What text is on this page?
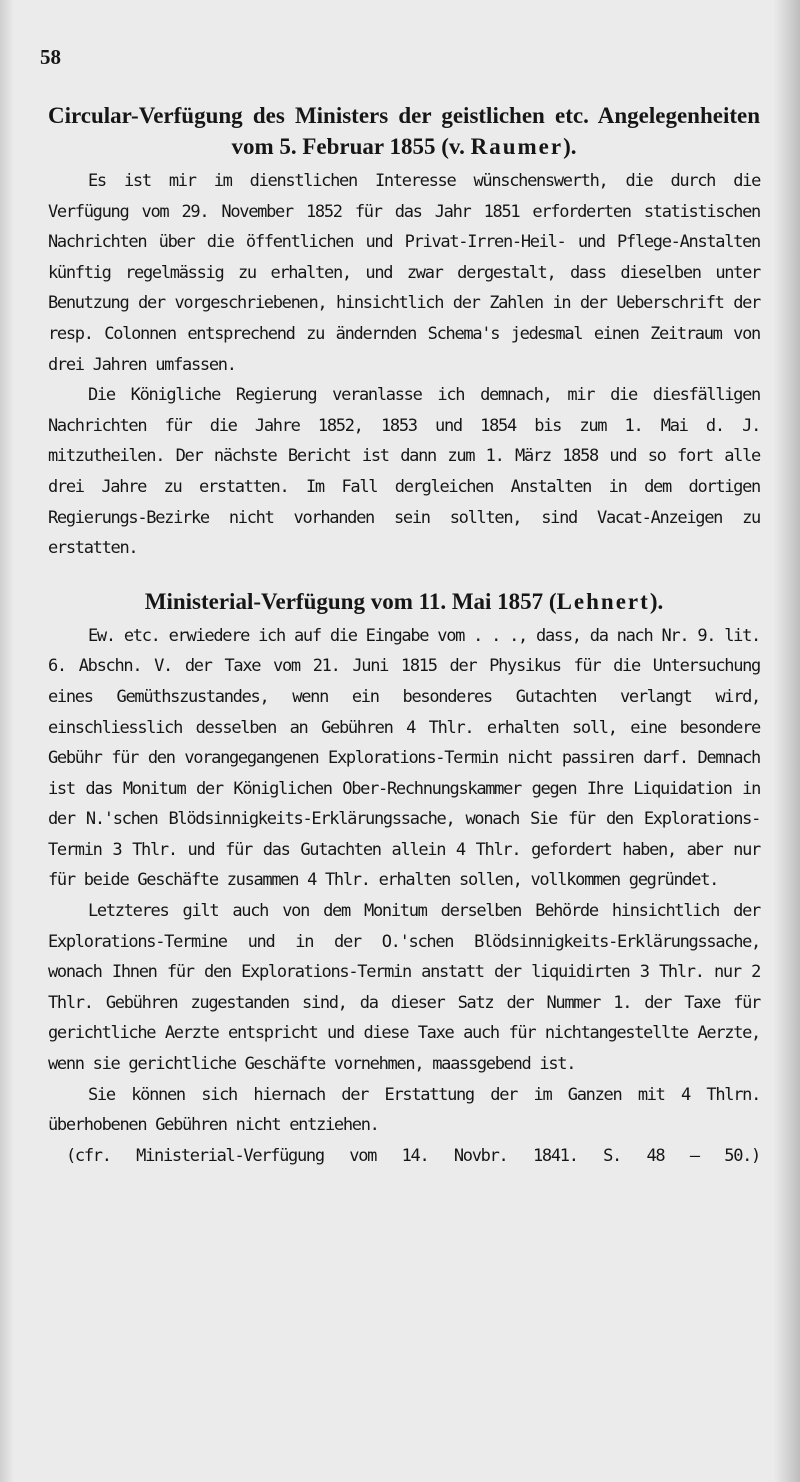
58
Circular-Verfügung des Ministers der geistlichen etc. Angelegenheiten vom 5. Februar 1855 (v. Raumer).

Es ist mir im dienstlichen Interesse wünschenswerth, die durch die Verfügung vom 29. November 1852 für das Jahr 1851 erforderten statistischen Nachrichten über die öffentlichen und Privat-Irren-Heil- und Pflege-Anstalten künftig regelmässig zu erhalten, und zwar dergestalt, dass dieselben unter Benutzung der vorgeschriebenen, hinsichtlich der Zahlen in der Ueberschrift der resp. Colonnen entsprechend zu ändernden Schema's jedesmal einen Zeitraum von drei Jahren umfassen.

Die Königliche Regierung veranlasse ich demnach, mir die diesfälligen Nachrichten für die Jahre 1852, 1853 und 1854 bis zum 1. Mai d. J. mitzutheilen. Der nächste Bericht ist dann zum 1. März 1858 und so fort alle drei Jahre zu erstatten. Im Fall dergleichen Anstalten in dem dortigen Regierungs-Bezirke nicht vorhanden sein sollten, sind Vacat-Anzeigen zu erstatten.

Ministerial-Verfügung vom 11. Mai 1857 (Lehnert).

Ew. etc. erwiedere ich auf die Eingabe vom . . ., dass, da nach Nr. 9. lit. 6. Abschn. V. der Taxe vom 21. Juni 1815 der Physikus für die Untersuchung eines Gemüthszustandes, wenn ein besonderes Gutachten verlangt wird, einschliesslich desselben an Gebühren 4 Thlr. erhalten soll, eine besondere Gebühr für den vorangegangenen Explorations-Termin nicht passiren darf. Demnach ist das Monitum der Königlichen Ober-Rechnungskammer gegen Ihre Liquidation in der N.'schen Blödsinnigkeits-Erklärungssache, wonach Sie für den Explorations-Termin 3 Thlr. und für das Gutachten allein 4 Thlr. gefordert haben, aber nur für beide Geschäfte zusammen 4 Thlr. erhalten sollen, vollkommen gegründet.

Letzteres gilt auch von dem Monitum derselben Behörde hinsichtlich der Explorations-Termine und in der O.'schen Blödsinnigkeits-Erklärungssache, wonach Ihnen für den Explorations-Termin anstatt der liquidirten 3 Thlr. nur 2 Thlr. Gebühren zugestanden sind, da dieser Satz der Nummer 1. der Taxe für gerichtliche Aerzte entspricht und diese Taxe auch für nichtangestellte Aerzte, wenn sie gerichtliche Geschäfte vornehmen, maassgebend ist.

Sie können sich hiernach der Erstattung der im Ganzen mit 4 Thlrn. überhobenen Gebühren nicht entziehen.

(cfr. Ministerial-Verfügung vom 14. Novbr. 1841. S. 48 — 50.)
